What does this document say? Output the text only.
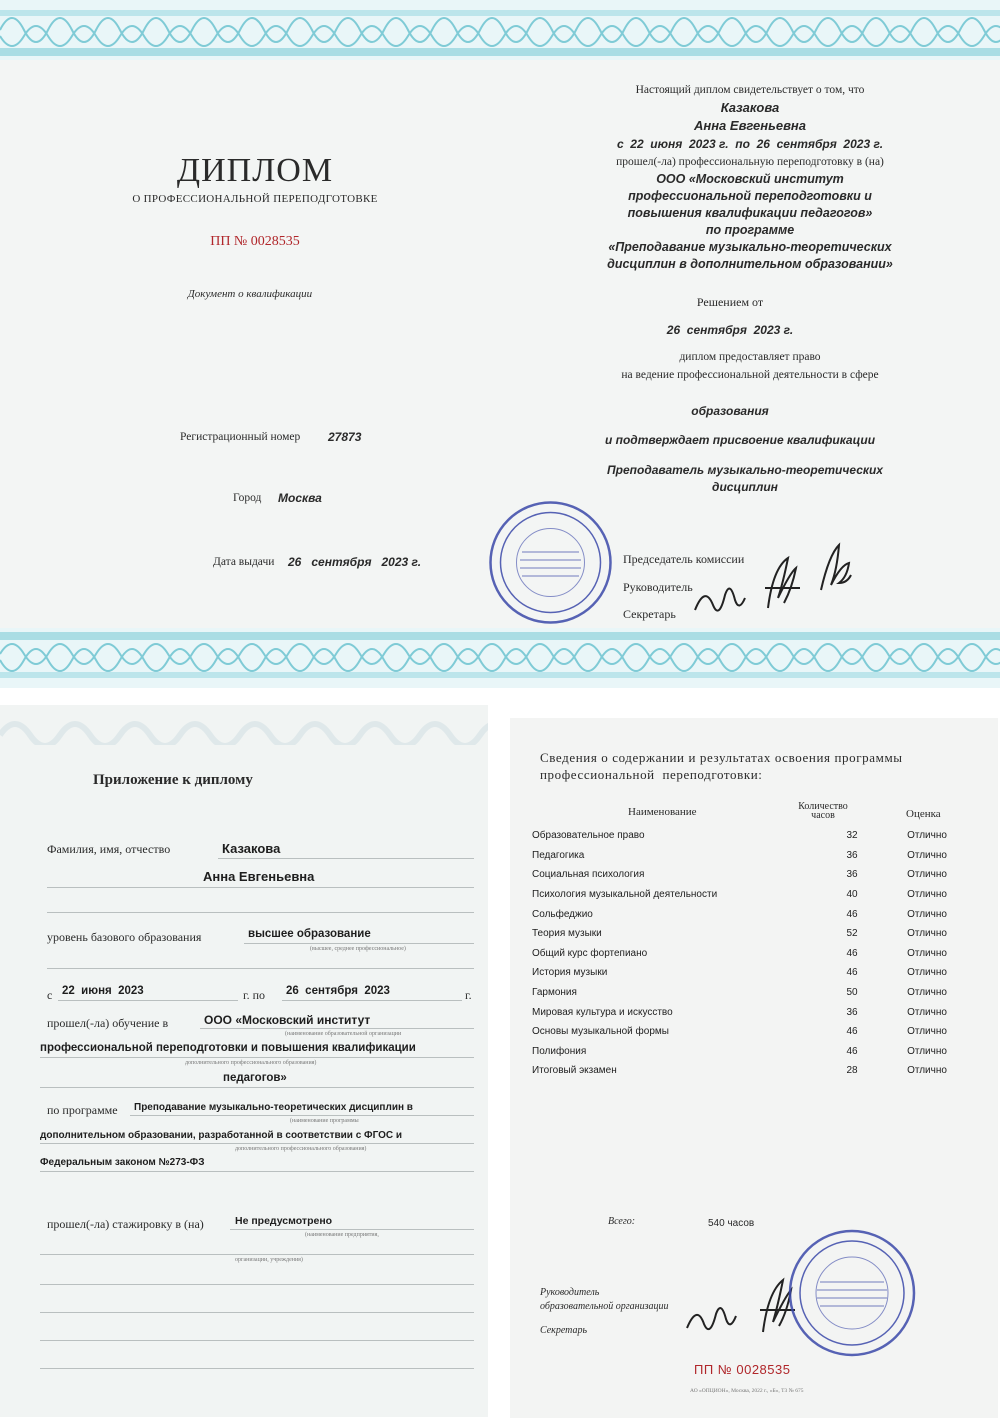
ДИПЛОМ
О ПРОФЕССИОНАЛЬНОЙ ПЕРЕПОДГОТОВКЕ
ПП № 0028535
Документ о квалификации
Регистрационный номер 27873
Город Москва
Дата выдачи 26   сентября   2023 г.
Настоящий диплом свидетельствует о том, что
Казакова
Анна Евгеньевна
с  22  июня  2023 г.  по  26  сентября  2023 г.
прошел(-ла) профессиональную переподготовку в (на)
ООО «Московский институт
профессиональной переподготовки и
повышения квалификации педагогов»
по программе
«Преподавание музыкально-теоретических
дисциплин в дополнительном образовании»
Решением от
26  сентября  2023 г.
диплом предоставляет право
на ведение профессиональной деятельности в сфере
образования
и подтверждает присвоение квалификации
Преподаватель музыкально-теоретических
дисциплин
Председатель комиссии
Руководитель
Секретарь
Приложение к диплому
Фамилия, имя, отчество	Казакова
Анна Евгеньевна
уровень базового образования	высшее образование
(высшее, среднее профессиональное)
с 22  июня  2023	г. по 26  сентября  2023	г.
прошел(-ла) обучение в	ООО «Московский институт
(наименование образовательной организации
профессиональной переподготовки и повышения квалификации
дополнительного профессионального образования)
педагогов»
по программе Преподавание музыкально-теоретических дисциплин в
(наименование программы
дополнительном образовании, разработанной в соответствии с ФГОС и
дополнительного профессионального образования)
Федеральным законом №273-ФЗ
прошел(-ла) стажировку в (на)	Не предусмотрено
(наименование предприятия,
организации, учреждения)
Сведения о содержании и результатах освоения программы
профессиональной  переподготовки:
Наименование	Количество часов	Оценка
Образовательное право	32	Отлично
Педагогика	36	Отлично
Социальная психология	36	Отлично
Психология музыкальной деятельности	40	Отлично
Сольфеджио	46	Отлично
Теория музыки	52	Отлично
Общий курс фортепиано	46	Отлично
История музыки	46	Отлично
Гармония	50	Отлично
Мировая культура и искусство	36	Отлично
Основы музыкальной формы	46	Отлично
Полифония	46	Отлично
Итоговый экзамен	28	Отлично
Всего:	540 часов
Руководитель
образовательной организации
Секретарь
ПП № 0028535
АО «ОПЦИОН», Москва, 2022 г., «Б», Т3 № 675
